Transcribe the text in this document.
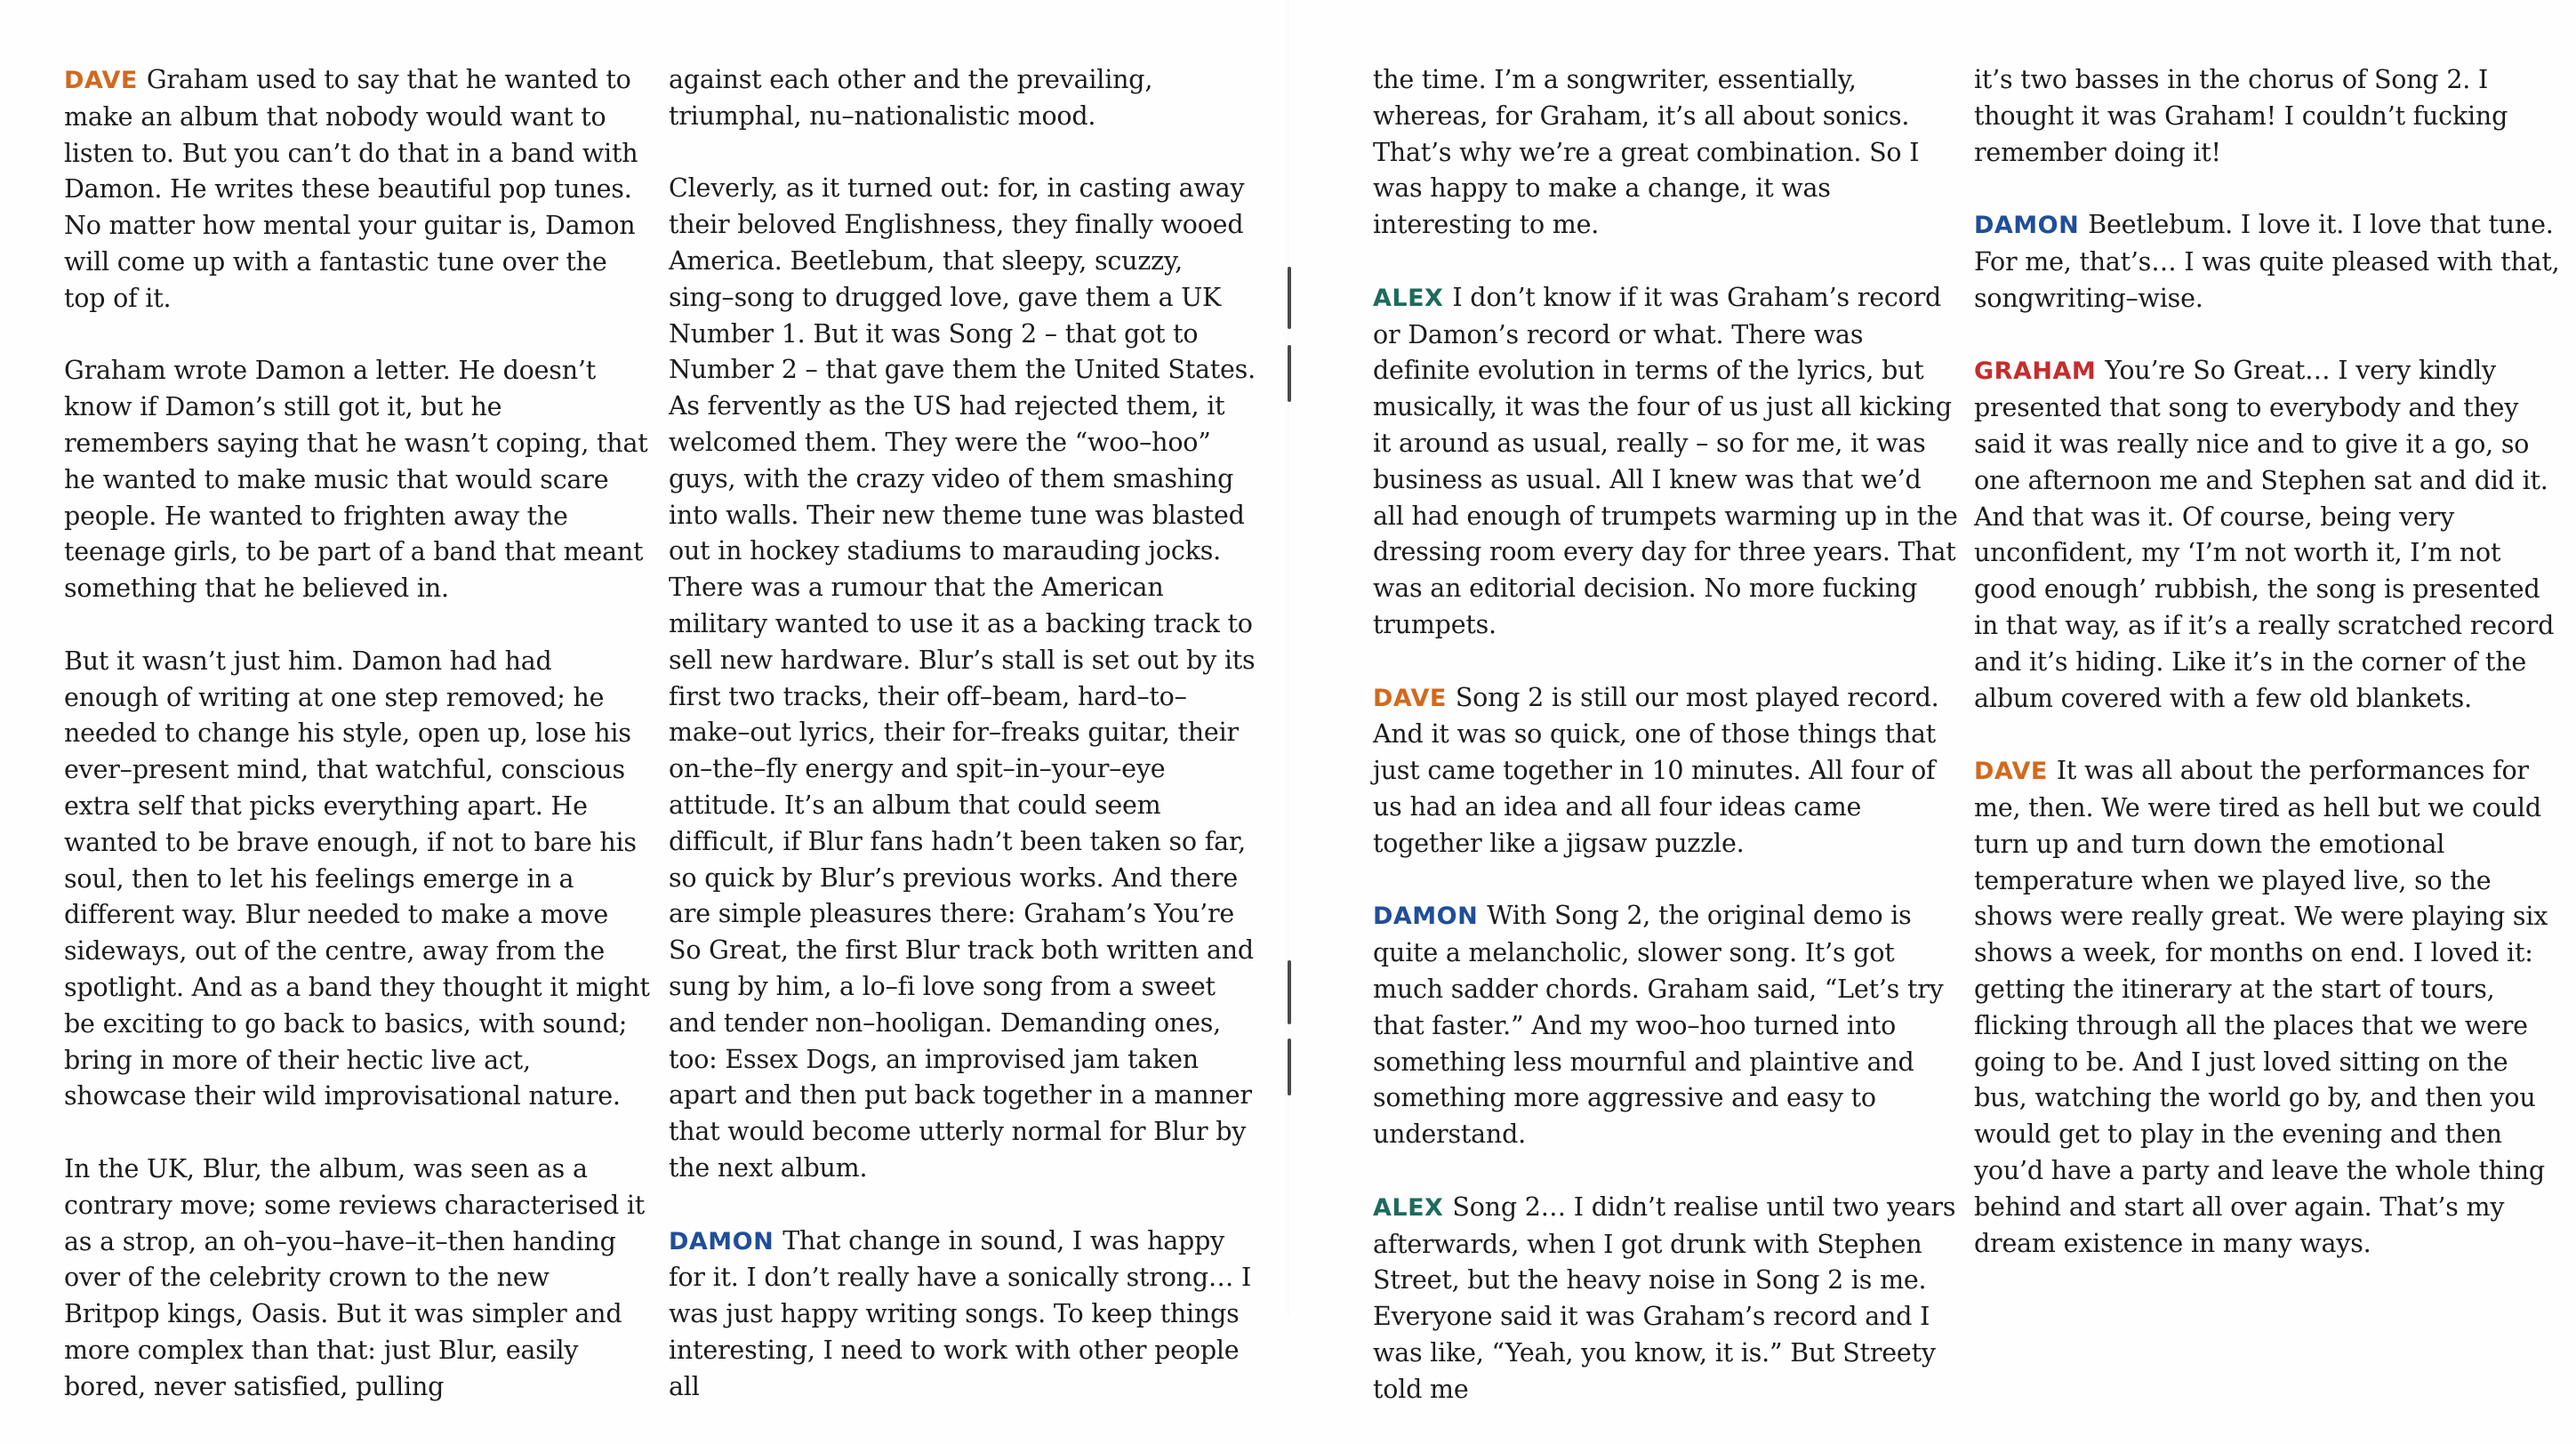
DAVE Graham used to say that he wanted to make an album that nobody would want to listen to. But you can’t do that in a band with Damon. He writes these beautiful pop tunes. No matter how mental your guitar is, Damon will come up with a fantastic tune over the top of it.

Graham wrote Damon a letter. He doesn’t know if Damon’s still got it, but he remembers saying that he wasn’t coping, that he wanted to make music that would scare people. He wanted to frighten away the teenage girls, to be part of a band that meant something that he believed in.

But it wasn’t just him. Damon had had enough of writing at one step removed; he needed to change his style, open up, lose his ever–present mind, that watchful, conscious extra self that picks everything apart. He wanted to be brave enough, if not to bare his soul, then to let his feelings emerge in a different way. Blur needed to make a move sideways, out of the centre, away from the spotlight. And as a band they thought it might be exciting to go back to basics, with sound; bring in more of their hectic live act, showcase their wild improvisational nature.

In the UK, Blur, the album, was seen as a contrary move; some reviews characterised it as a strop, an oh–you–have–it–then handing over of the celebrity crown to the new Britpop kings, Oasis. But it was simpler and more complex than that: just Blur, easily bored, never satisfied, pulling

against each other and the prevailing, triumphal, nu–nationalistic mood.

Cleverly, as it turned out: for, in casting away their beloved Englishness, they finally wooed America. Beetlebum, that sleepy, scuzzy, sing–song to drugged love, gave them a UK Number 1. But it was Song 2 – that got to Number 2 – that gave them the United States. As fervently as the US had rejected them, it welcomed them. They were the “woo–hoo” guys, with the crazy video of them smashing into walls. Their new theme tune was blasted out in hockey stadiums to marauding jocks. There was a rumour that the American military wanted to use it as a backing track to sell new hardware. Blur’s stall is set out by its first two tracks, their off–beam, hard–to–make–out lyrics, their for–freaks guitar, their on–the–fly energy and spit–in–your–eye attitude. It’s an album that could seem difficult, if Blur fans hadn’t been taken so far, so quick by Blur’s previous works. And there are simple pleasures there: Graham’s You’re So Great, the first Blur track both written and sung by him, a lo–fi love song from a sweet and tender non–hooligan. Demanding ones, too: Essex Dogs, an improvised jam taken apart and then put back together in a manner that would become utterly normal for Blur by the next album.

DAMON That change in sound, I was happy for it. I don’t really have a sonically strong… I was just happy writing songs. To keep things interesting, I need to work with other people all

the time. I’m a songwriter, essentially, whereas, for Graham, it’s all about sonics. That’s why we’re a great combination. So I was happy to make a change, it was interesting to me.

ALEX I don’t know if it was Graham’s record or Damon’s record or what. There was definite evolution in terms of the lyrics, but musically, it was the four of us just all kicking it around as usual, really – so for me, it was business as usual. All I knew was that we’d all had enough of trumpets warming up in the dressing room every day for three years. That was an editorial decision. No more fucking trumpets.

DAVE Song 2 is still our most played record. And it was so quick, one of those things that just came together in 10 minutes. All four of us had an idea and all four ideas came together like a jigsaw puzzle.

DAMON With Song 2, the original demo is quite a melancholic, slower song. It’s got much sadder chords. Graham said, “Let’s try that faster.” And my woo–hoo turned into something less mournful and plaintive and something more aggressive and easy to understand.

ALEX Song 2… I didn’t realise until two years afterwards, when I got drunk with Stephen Street, but the heavy noise in Song 2 is me. Everyone said it was Graham’s record and I was like, “Yeah, you know, it is.” But Streety told me

it’s two basses in the chorus of Song 2. I thought it was Graham! I couldn’t fucking remember doing it!

DAMON Beetlebum. I love it. I love that tune. For me, that’s… I was quite pleased with that, songwriting–wise.

GRAHAM You’re So Great… I very kindly presented that song to everybody and they said it was really nice and to give it a go, so one afternoon me and Stephen sat and did it. And that was it. Of course, being very unconfident, my ‘I’m not worth it, I’m not good enough’ rubbish, the song is presented in that way, as if it’s a really scratched record and it’s hiding. Like it’s in the corner of the album covered with a few old blankets.

DAVE It was all about the performances for me, then. We were tired as hell but we could turn up and turn down the emotional temperature when we played live, so the shows were really great. We were playing six shows a week, for months on end. I loved it: getting the itinerary at the start of tours, flicking through all the places that we were going to be. And I just loved sitting on the bus, watching the world go by, and then you would get to play in the evening and then you’d have a party and leave the whole thing behind and start all over again. That’s my dream existence in many ways.
